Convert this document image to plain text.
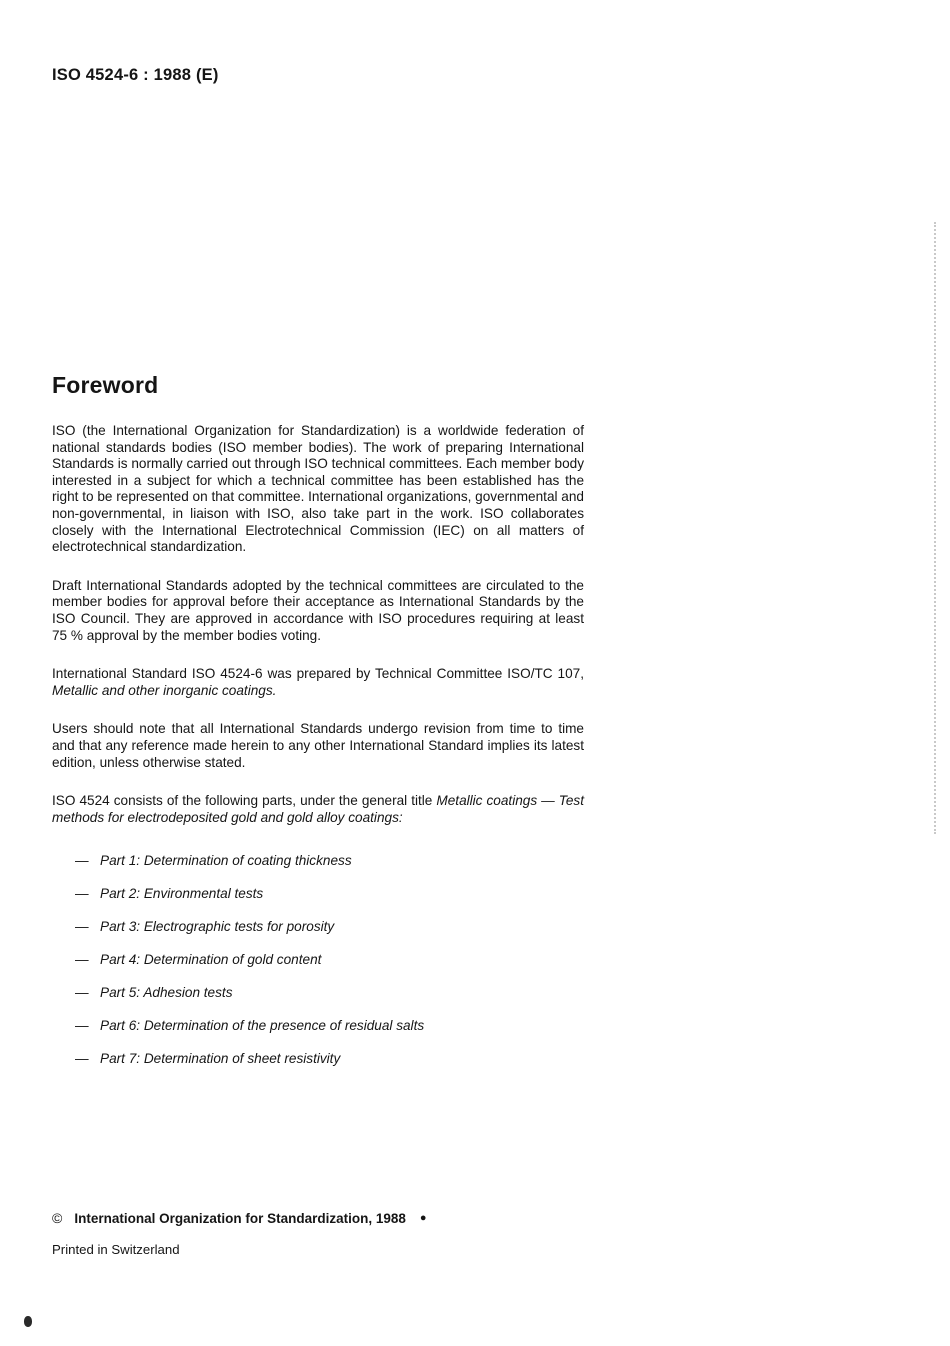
ISO 4524-6 : 1988 (E)
Foreword

ISO (the International Organization for Standardization) is a worldwide federation of national standards bodies (ISO member bodies). The work of preparing International Standards is normally carried out through ISO technical committees. Each member body interested in a subject for which a technical committee has been established has the right to be represented on that committee. International organizations, governmental and non-governmental, in liaison with ISO, also take part in the work. ISO collaborates closely with the International Electrotechnical Commission (IEC) on all matters of electrotechnical standardization.

Draft International Standards adopted by the technical committees are circulated to the member bodies for approval before their acceptance as International Standards by the ISO Council. They are approved in accordance with ISO procedures requiring at least 75 % approval by the member bodies voting.

International Standard ISO 4524-6 was prepared by Technical Committee ISO/TC 107, Metallic and other inorganic coatings.

Users should note that all International Standards undergo revision from time to time and that any reference made herein to any other International Standard implies its latest edition, unless otherwise stated.

ISO 4524 consists of the following parts, under the general title Metallic coatings — Test methods for electrodeposited gold and gold alloy coatings:

— Part 1: Determination of coating thickness
— Part 2: Environmental tests
— Part 3: Electrographic tests for porosity
— Part 4: Determination of gold content
— Part 5: Adhesion tests
— Part 6: Determination of the presence of residual salts
— Part 7: Determination of sheet resistivity
© International Organization for Standardization, 1988 ●
Printed in Switzerland
